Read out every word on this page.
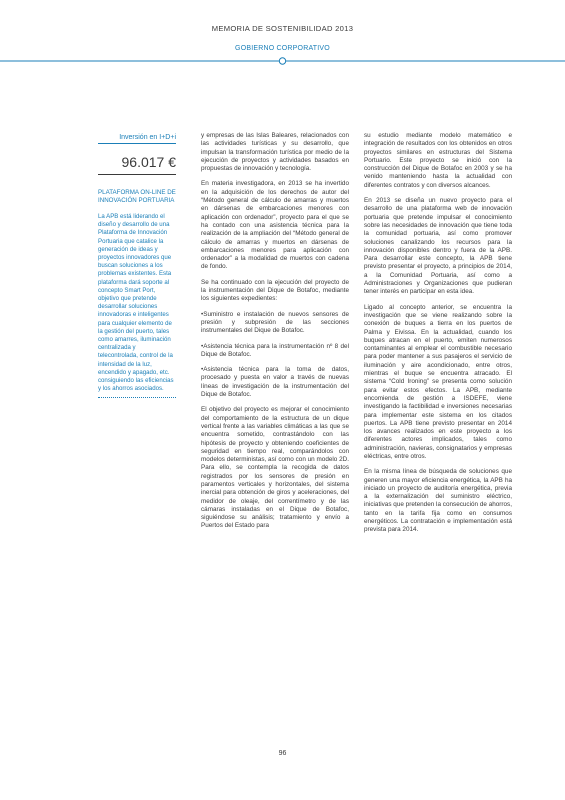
MEMORIA DE SOSTENIBILIDAD 2013
GOBIERNO CORPORATIVO
Inversión en I+D+i
96.017 €

PLATAFORMA ON-LINE DE INNOVACIÓN PORTUARIA

La APB está liderando el diseño y desarrollo de una Plataforma de Innovación Portuaria que catalice la generación de ideas y proyectos innovadores que buscan soluciones a los problemas existentes. Esta plataforma dará soporte al concepto Smart Port, objetivo que pretende desarrollar soluciones innovadoras e inteligentes para cualquier elemento de la gestión del puerto, tales como amarres, iluminación centralizada y telecontrolada, control de la intensidad de la luz, encendido y apagado, etc. consiguiendo las eficiencias y los ahorros asociados.

y empresas de las Islas Baleares, relacionados con las actividades turísticas y su desarrollo, que impulsan la transformación turística por medio de la ejecución de proyectos y actividades basados en propuestas de innovación y tecnología.

En materia investigadora, en 2013 se ha invertido en la adquisición de los derechos de autor del “Método general de cálculo de amarras y muertos en dársenas de embarcaciones menores con aplicación con ordenador”, proyecto para el que se ha contado con una asistencia técnica para la realización de la ampliación del “Método general de cálculo de amarras y muertos en dársenas de embarcaciones menores para aplicación con ordenador” a la modalidad de muertos con cadena de fondo.

Se ha continuado con la ejecución del proyecto de la instrumentación del Dique de Botafoc, mediante los siguientes expedientes:

•Suministro e instalación de nuevos sensores de presión y subpresión de las secciones instrumentales del Dique de Botafoc.

•Asistencia técnica para la instrumentación nº 8 del Dique de Botafoc.

•Asistencia técnica para la toma de datos, procesado y puesta en valor a través de nuevas líneas de investigación de la instrumentación del Dique de Botafoc.

El objetivo del proyecto es mejorar el conocimiento del comportamiento de la estructura de un dique vertical frente a las variables climáticas a las que se encuentra sometido, contrastándolo con las hipótesis de proyecto y obteniendo coeficientes de seguridad en tiempo real, comparándolos con modelos deterministas, así como con un modelo 2D. Para ello, se contempla la recogida de datos registrados por los sensores de presión en paramentos verticales y horizontales, del sistema inercial para obtención de giros y aceleraciones, del medidor de oleaje, del correntímetro y de las cámaras instaladas en el Dique de Botafoc, siguiéndose su análisis; tratamiento y envío a Puertos del Estado para

su estudio mediante modelo matemático e integración de resultados con los obtenidos en otros proyectos similares en estructuras del Sistema Portuario. Este proyecto se inició con la construcción del Dique de Botafoc en 2003 y se ha venido manteniendo hasta la actualidad con diferentes contratos y con diversos alcances.

En 2013 se diseña un nuevo proyecto para el desarrollo de una plataforma web de innovación portuaria que pretende impulsar el conocimiento sobre las necesidades de innovación que tiene toda la comunidad portuaria, así como promover soluciones canalizando los recursos para la innovación disponibles dentro y fuera de la APB. Para desarrollar este concepto, la APB tiene previsto presentar el proyecto, a principios de 2014, a la Comunidad Portuaria, así como a Administraciones y Organizaciones que pudieran tener interés en participar en esta idea.

Ligado al concepto anterior, se encuentra la investigación que se viene realizando sobre la conexión de buques a tierra en los puertos de Palma y Eivissa. En la actualidad, cuando los buques atracan en el puerto, emiten numerosos contaminantes al emplear el combustible necesario para poder mantener a sus pasajeros el servicio de iluminación y aire acondicionado, entre otros, mientras el buque se encuentra atracado. El sistema “Cold Ironing” se presenta como solución para evitar estos efectos. La APB, mediante encomienda de gestión a ISDEFE, viene investigando la factibilidad e inversiones necesarias para implementar este sistema en los citados puertos. La APB tiene previsto presentar en 2014 los avances realizados en este proyecto a los diferentes actores implicados, tales como administración, navieras, consignatarios y empresas eléctricas, entre otros.

En la misma línea de búsqueda de soluciones que generen una mayor eficiencia energética, la APB ha iniciado un proyecto de auditoría energética, previa a la externalización del suministro eléctrico, iniciativas que pretenden la consecución de ahorros, tanto en la tarifa fija como en consumos energéticos. La contratación e implementación está prevista para 2014.

96
